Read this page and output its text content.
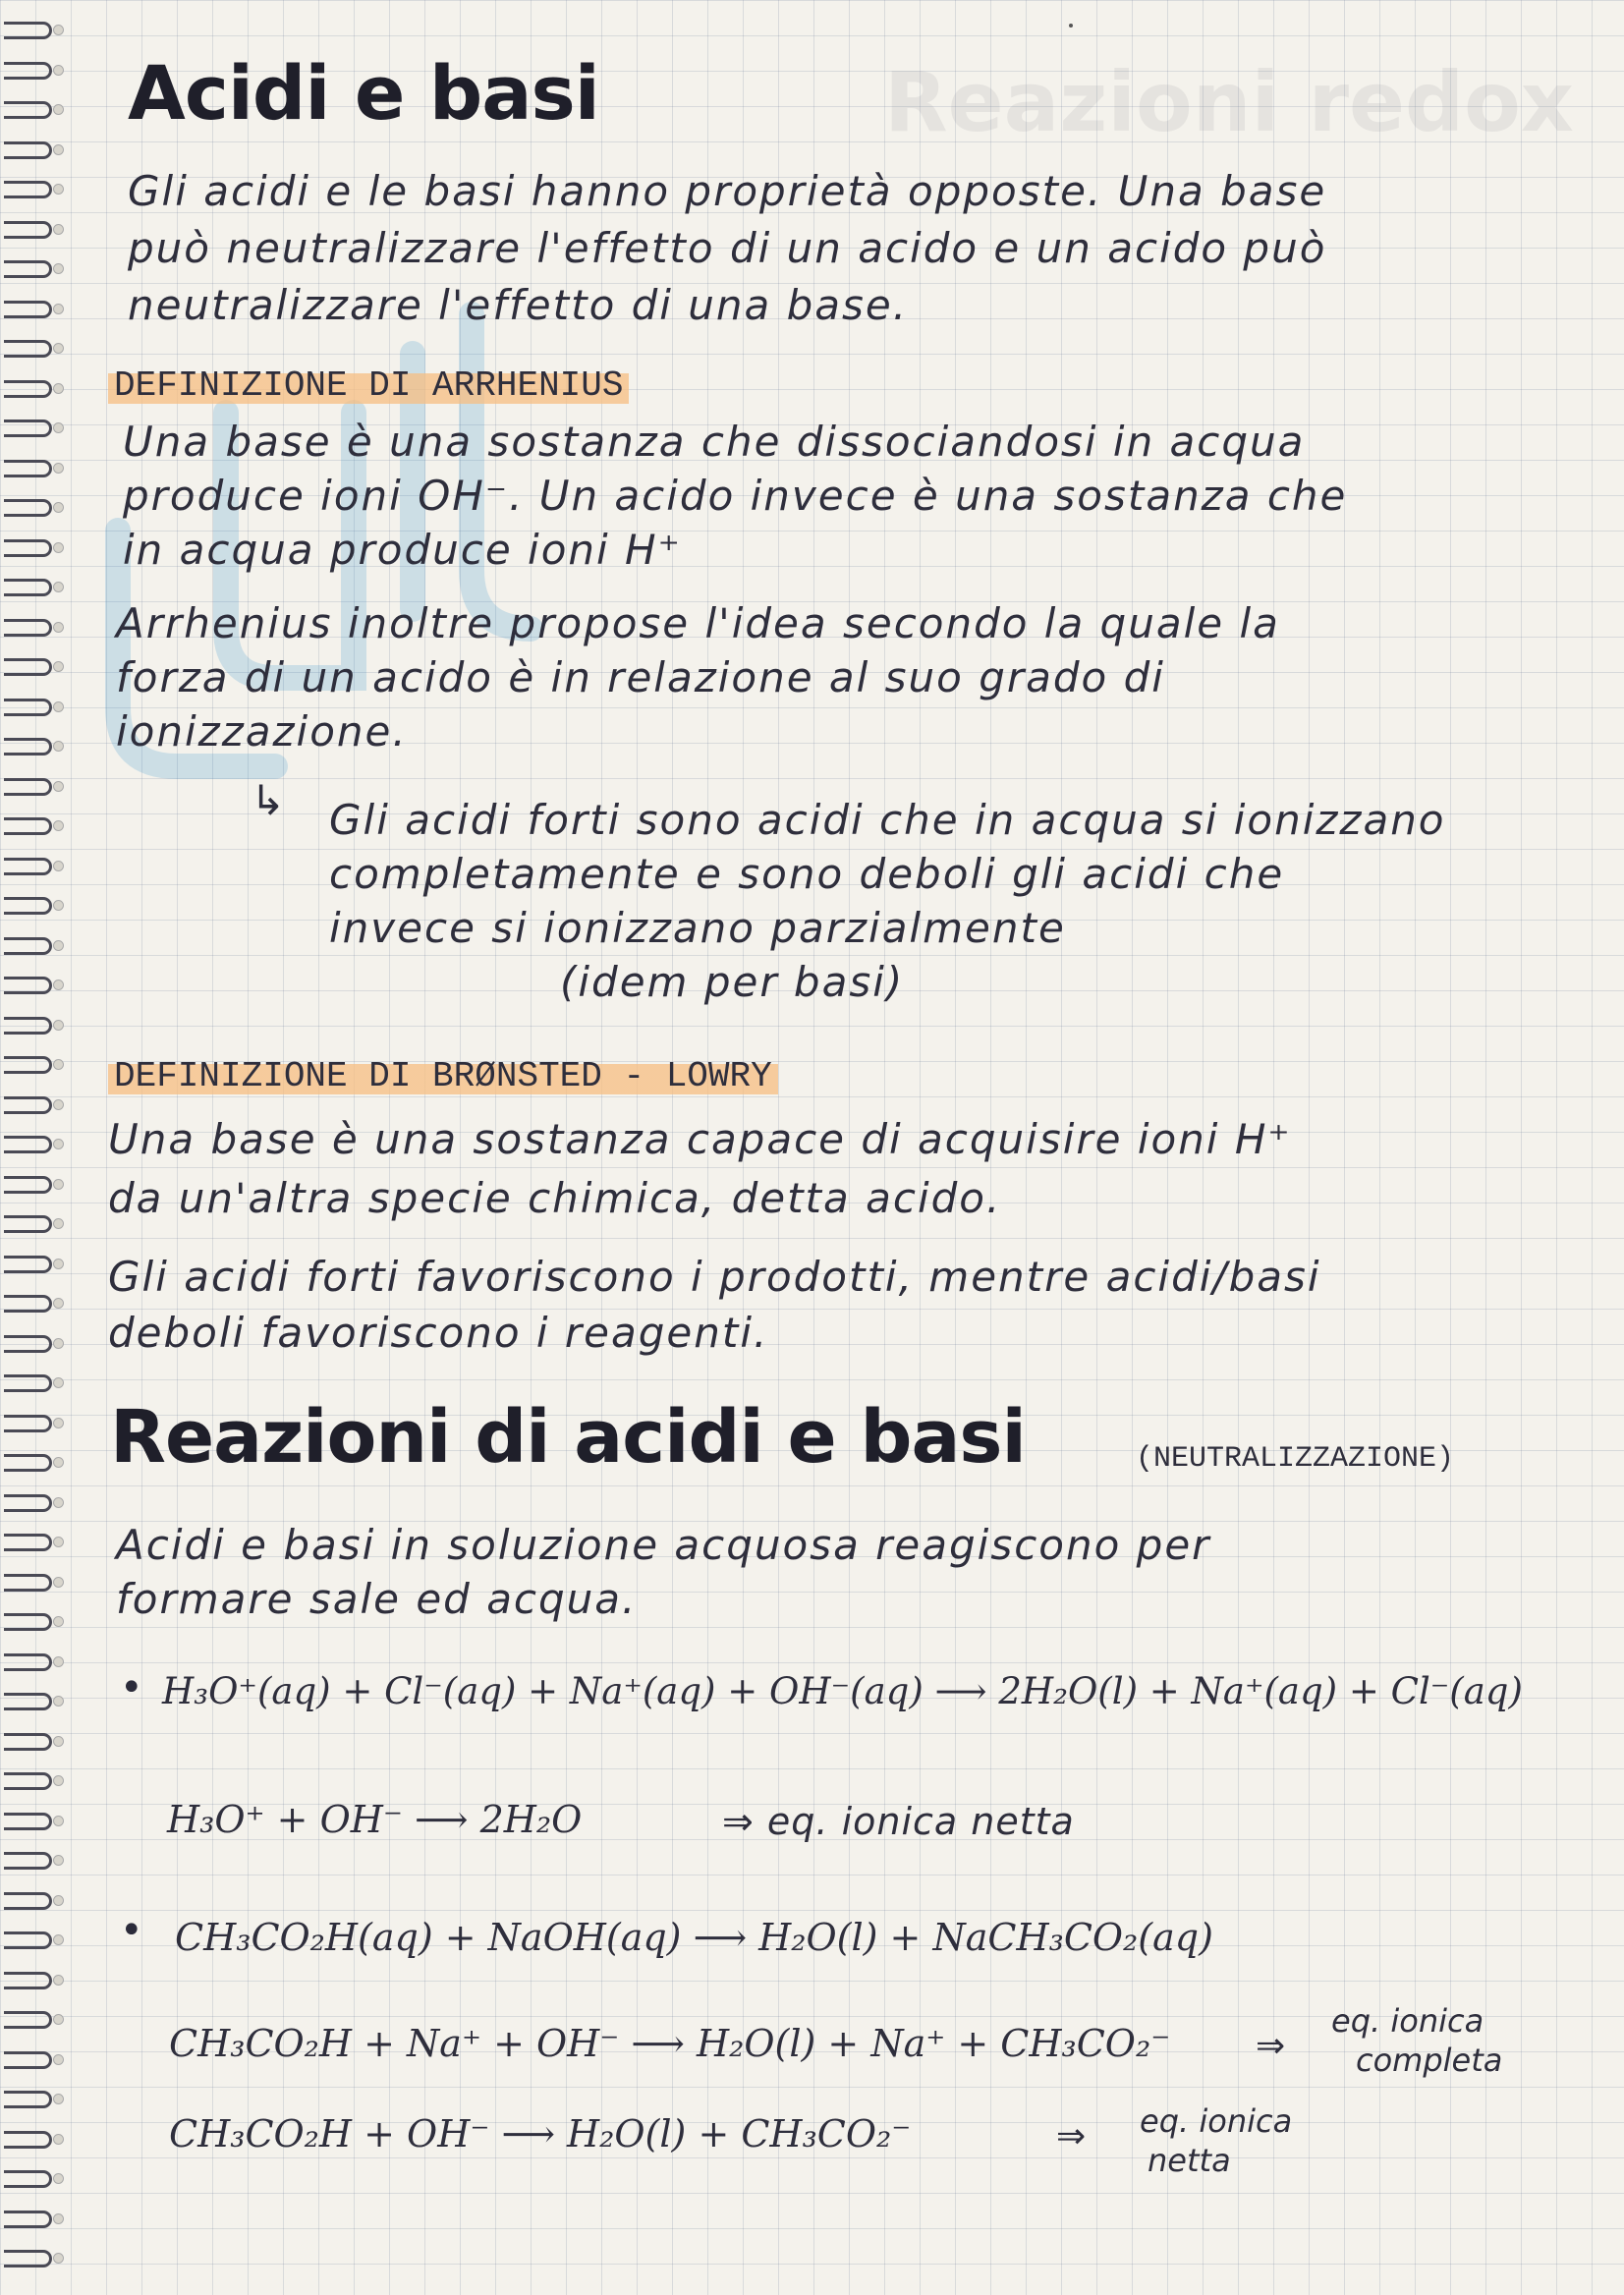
Reazioni redox
Acidi e basi
Gli acidi e le basi hanno proprietà opposte. Una base
può neutralizzare l'effetto di un acido e un acido può
neutralizzare l'effetto di una base.
DEFINIZIONE DI ARRHENIUS
Una base è una sostanza che dissociandosi in acqua
produce ioni OH⁻. Un acido invece è una sostanza che
in acqua produce ioni H⁺
Arrhenius inoltre propose l'idea secondo la quale la
forza di un acido è in relazione al suo grado di
ionizzazione.
↳ Gli acidi forti sono acidi che in acqua si ionizzano
completamente e sono deboli gli acidi che
invece si ionizzano parzialmente
(idem per basi)
DEFINIZIONE DI BRØNSTED - LOWRY
Una base è una sostanza capace di acquisire ioni H⁺
da un'altra specie chimica, detta acido.
Gli acidi forti favoriscono i prodotti, mentre acidi/basi
deboli favoriscono i reagenti.
Reazioni di acidi e basi	(NEUTRALIZZAZIONE)
Acidi e basi in soluzione acquosa reagiscono per
formare sale ed acqua.
• H₃O⁺(aq) + Cl⁻(aq) + Na⁺(aq) + OH⁻(aq) ⟶ 2H₂O(l) + Na⁺(aq) + Cl⁻(aq)
H₃O⁺ + OH⁻ ⟶ 2H₂O	⇒ eq. ionica netta
• CH₃CO₂H(aq) + NaOH(aq) ⟶ H₂O(l) + NaCH₃CO₂(aq)
CH₃CO₂H + Na⁺ + OH⁻ ⟶ H₂O(l) + Na⁺ + CH₃CO₂⁻ ⇒
eq. ionica
completa
CH₃CO₂H + OH⁻ ⟶ H₂O(l) + CH₃CO₂⁻	⇒ eq. ionica
netta
